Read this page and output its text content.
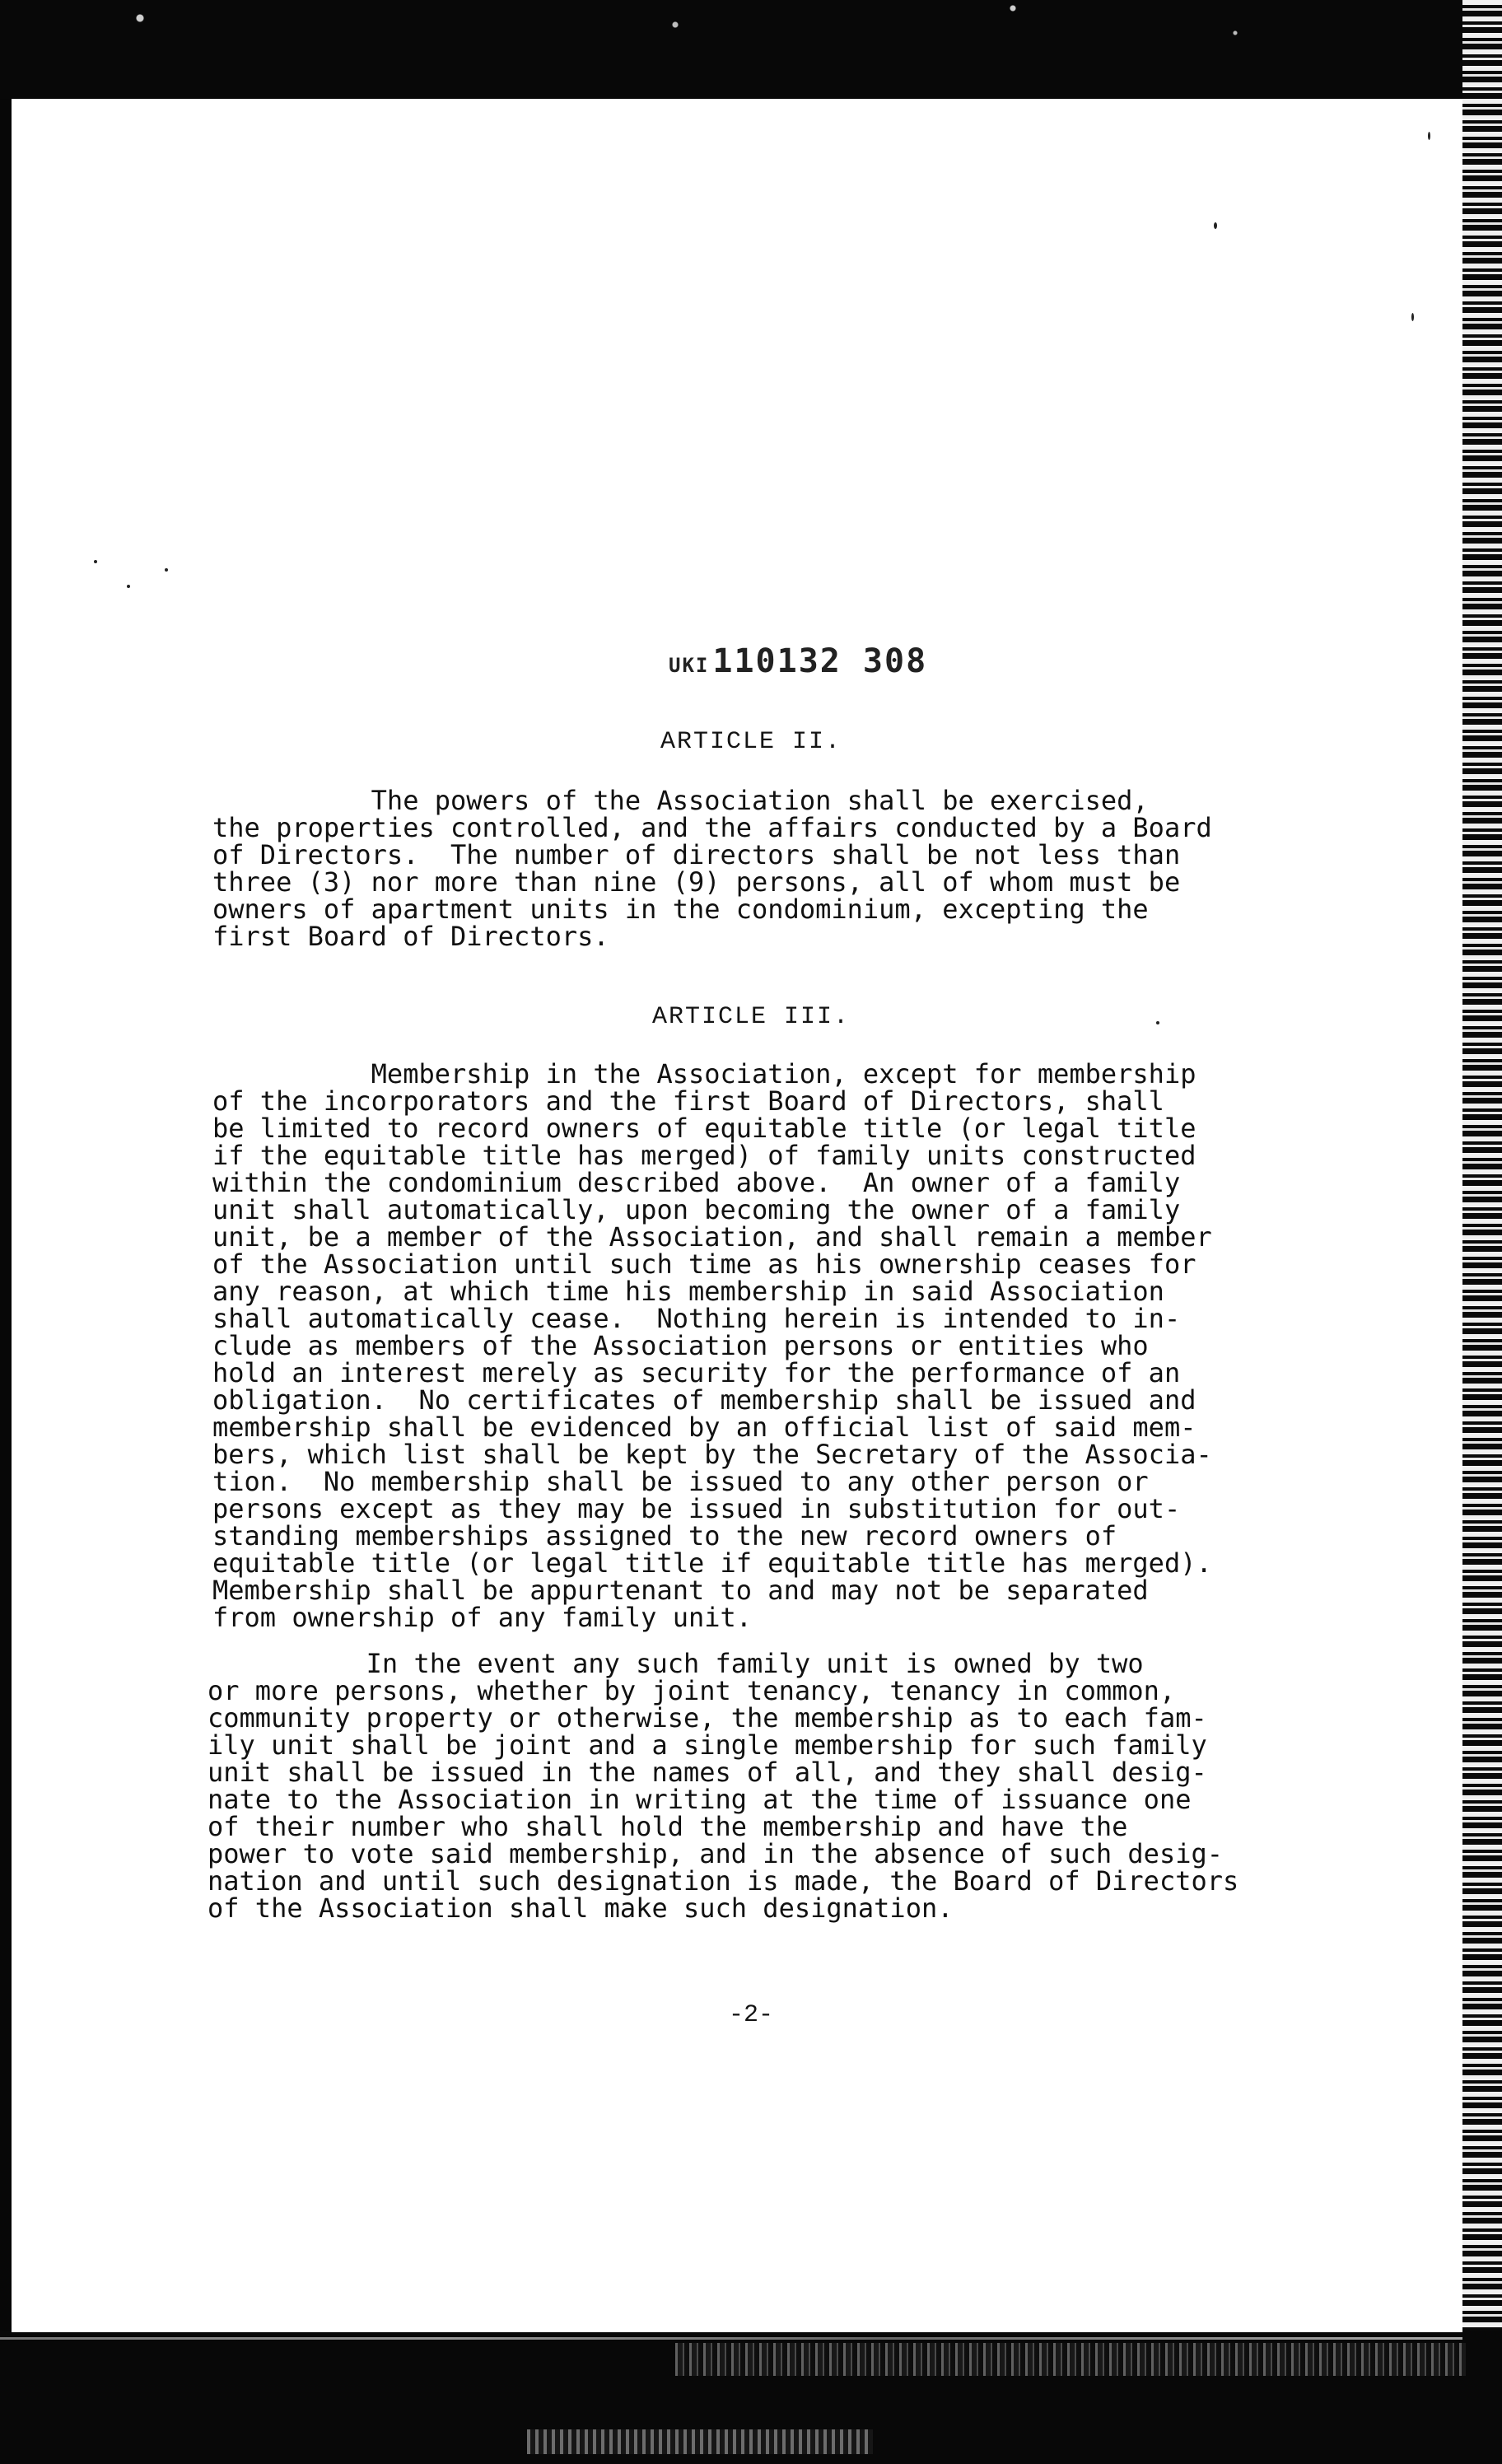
UKI 110132 308
ARTICLE II.
The powers of the Association shall be exercised,
the properties controlled, and the affairs conducted by a Board
of Directors.  The number of directors shall be not less than
three (3) nor more than nine (9) persons, all of whom must be
owners of apartment units in the condominium, excepting the
first Board of Directors.
ARTICLE III.
Membership in the Association, except for membership
of the incorporators and the first Board of Directors, shall
be limited to record owners of equitable title (or legal title
if the equitable title has merged) of family units constructed
within the condominium described above.  An owner of a family
unit shall automatically, upon becoming the owner of a family
unit, be a member of the Association, and shall remain a member
of the Association until such time as his ownership ceases for
any reason, at which time his membership in said Association
shall automatically cease.  Nothing herein is intended to in-
clude as members of the Association persons or entities who
hold an interest merely as security for the performance of an
obligation.  No certificates of membership shall be issued and
membership shall be evidenced by an official list of said mem-
bers, which list shall be kept by the Secretary of the Associa-
tion.  No membership shall be issued to any other person or
persons except as they may be issued in substitution for out-
standing memberships assigned to the new record owners of
equitable title (or legal title if equitable title has merged).
Membership shall be appurtenant to and may not be separated
from ownership of any family unit.
In the event any such family unit is owned by two
or more persons, whether by joint tenancy, tenancy in common,
community property or otherwise, the membership as to each fam-
ily unit shall be joint and a single membership for such family
unit shall be issued in the names of all, and they shall desig-
nate to the Association in writing at the time of issuance one
of their number who shall hold the membership and have the
power to vote said membership, and in the absence of such desig-
nation and until such designation is made, the Board of Directors
of the Association shall make such designation.
-2-
